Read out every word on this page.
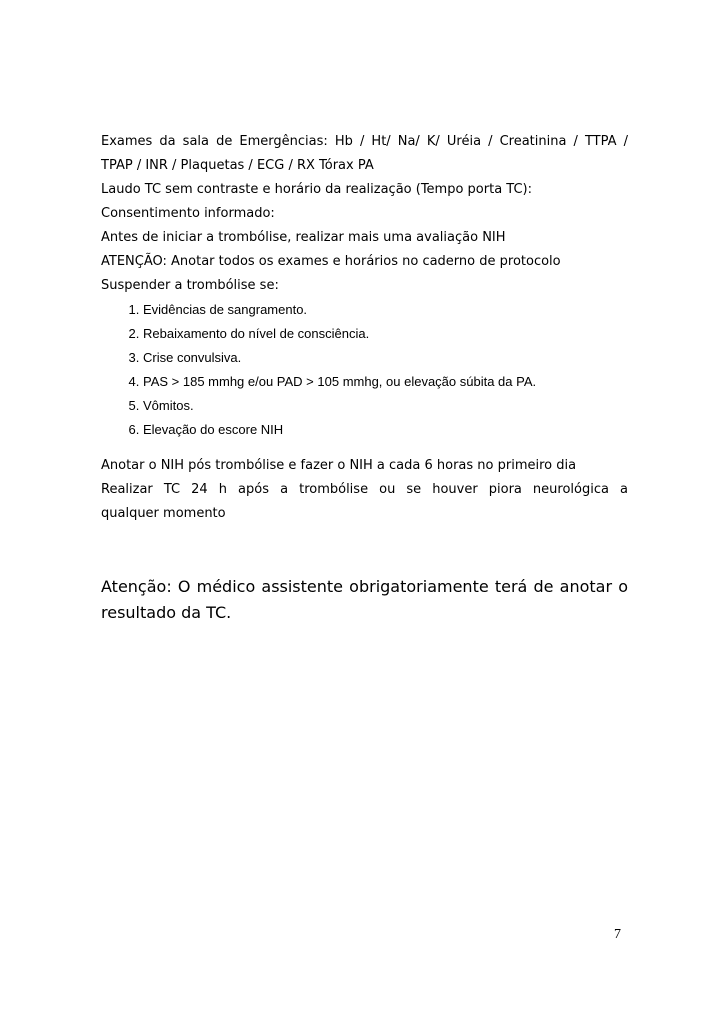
Exames da sala de Emergências: Hb / Ht/ Na/ K/ Uréia / Creatinina / TTPA /

TPAP / INR / Plaquetas / ECG / RX Tórax PA

Laudo TC sem contraste e horário da realização (Tempo porta TC):

Consentimento informado:

Antes de iniciar a trombólise, realizar mais uma avaliação NIH

ATENÇÃO: Anotar todos os exames e horários no caderno de protocolo

Suspender a trombólise se:

1. Evidências de sangramento.
2. Rebaixamento do nível de consciência.
3. Crise convulsiva.
4. PAS > 185 mmhg e/ou PAD > 105 mmhg, ou elevação súbita da PA.
5. Vômitos.
6. Elevação do escore NIH

Anotar o NIH pós trombólise e fazer o NIH a cada 6 horas no primeiro dia

Realizar TC 24 h após a trombólise ou se houver piora neurológica a

qualquer momento

Atenção: O médico assistente obrigatoriamente terá de anotar o

resultado da TC.

7
